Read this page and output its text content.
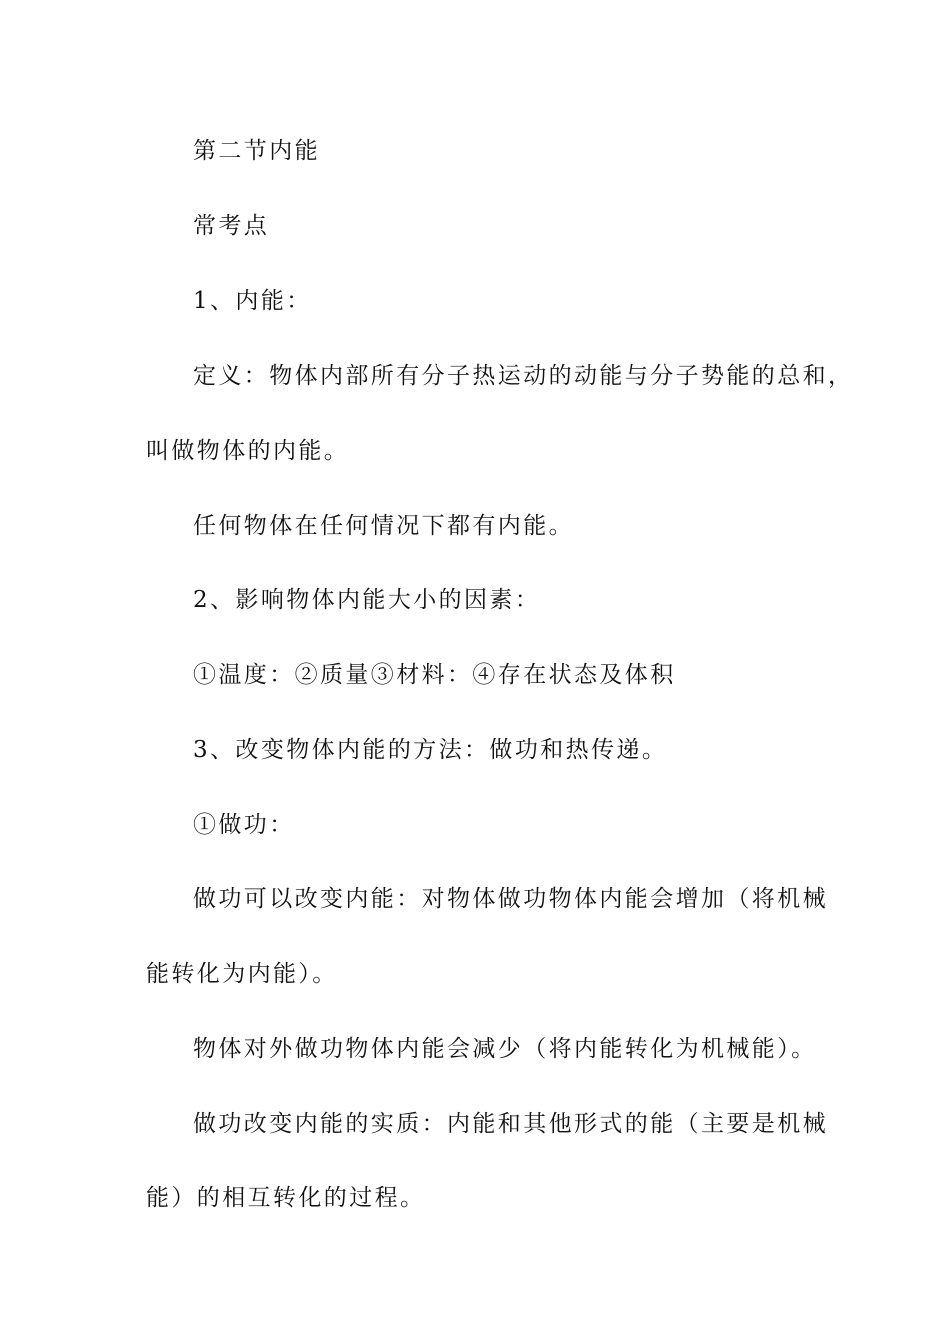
第二节内能

常考点

1、内能：

定义：物体内部所有分子热运动的动能与分子势能的总和，

叫做物体的内能。

任何物体在任何情况下都有内能。

2、影响物体内能大小的因素：

①温度：②质量③材料：④存在状态及体积

3、改变物体内能的方法：做功和热传递。

①做功：

做功可以改变内能：对物体做功物体内能会增加（将机械

能转化为内能）。

物体对外做功物体内能会减少（将内能转化为机械能）。

做功改变内能的实质：内能和其他形式的能（主要是机械

能）的相互转化的过程。
